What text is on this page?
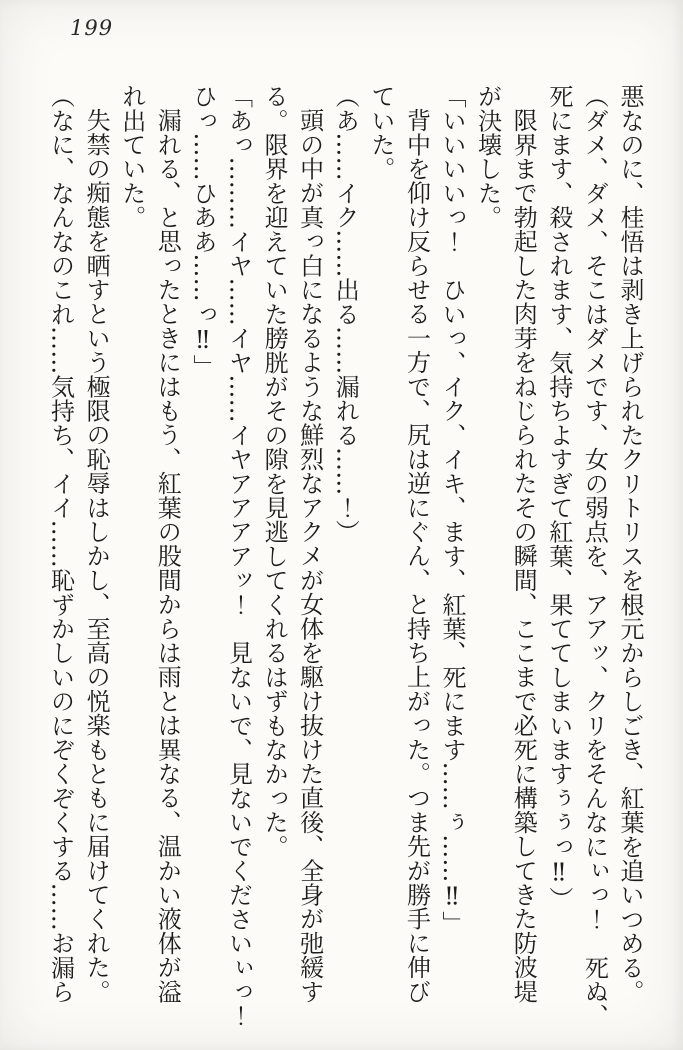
199
悪なのに、桂悟は剥き上げられたクリトリスを根元からしごき、紅葉を追いつめる。
（ダメ、ダメ、そこはダメです、女の弱点を、アアッ、クリをそんなにぃっ！　死ぬ、
死にます、殺されます、気持ちよすぎて紅葉、果ててしまいますぅぅっ‼）
限界まで勃起した肉芽をねじられたその瞬間、ここまで必死に構築してきた防波堤
が決壊した。
「いいいいっ！　ひいっ、イク、イキ、ます、紅葉、死にます……ぅ……‼」
背中を仰け反らせる一方で、尻は逆にぐん、と持ち上がった。つま先が勝手に伸び
ていた。
（あ……イク……出る……漏れる……！）
頭の中が真っ白になるような鮮烈なアクメが女体を駆け抜けた直後、全身が弛緩す
る。限界を迎えていた膀胱がその隙を見逃してくれるはずもなかった。
「あっ………イヤ……イヤ……イヤアアアアッ！　見ないで、見ないでくださいぃっ！
ひっ……ひああ……っ‼」
漏れる、と思ったときにはもう、紅葉の股間からは雨とは異なる、温かい液体が溢
れ出ていた。
失禁の痴態を晒すという極限の恥辱はしかし、至高の悦楽もともに届けてくれた。
（なに、なんなのこれ……気持ち、イイ……恥ずかしいのにぞくぞくする……お漏ら
